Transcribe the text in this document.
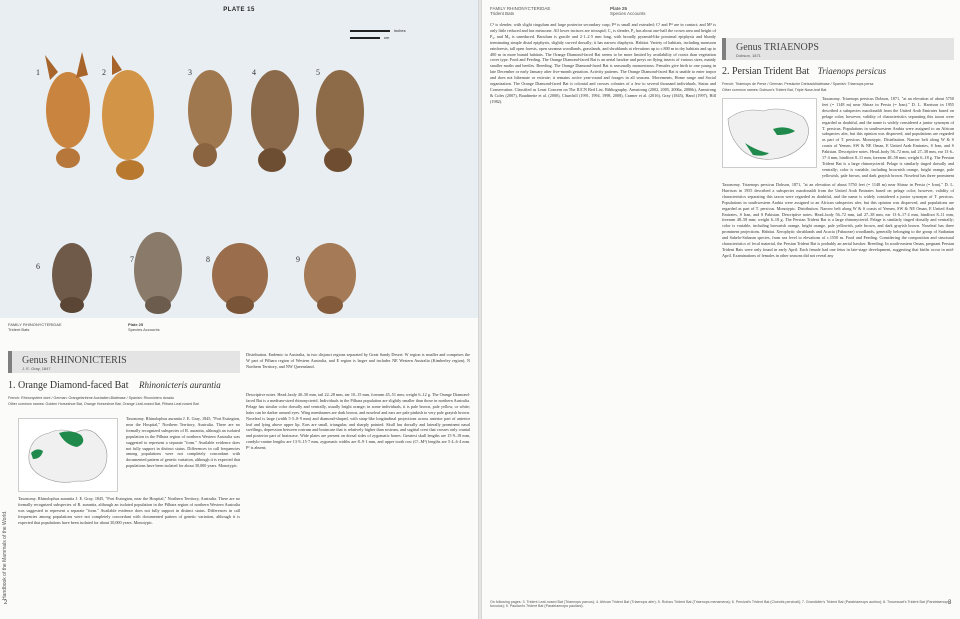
PLATE 15
inches
cm
1	2	3	4	5
6
7	8	9
FAMILY RHINONYCTERIDAE
Trident Bats
Plate 25
Species Accounts
Genus RHINONICTERIS
J. E. Gray, 1847
1. Orange Diamond-faced Bat Rhinonicteris aurantia
French: Rhinonyctère doré / German: Orangefarbene Australien-Blattnase / Spanish: Rinonictero dorado
Other common names: Golden Horseshoe Bat, Orange Horseshoe Bat, Orange Leaf-nosed Bat, Pilbara Leaf-nosed Bat
Taxonomy. Rhinolophus aurantia J. E. Gray, 1845, "Port Essington, near the Hospital," Northern Territory, Australia. There are no formally recognized subspecies of R. aurantia, although an isolated population in the Pilbara region of northern Western Australia was suggested to represent a separate "form." Available evidence does not fully support in distinct status. Differences in call frequencies among populations were not completely concordant with documented pattern of genetic variation, although it is expected that populations have been isolated for about 30,000 years. Monotypic.
Distribution. Endemic to Australia, in two disjunct regions separated by Great Sandy Desert: W region is smaller and comprises the W part of Pilbara region of Western Australia, and E region is larger and includes NE Western Australia (Kimberley region), N Northern Territory, and NW Queensland.
Descriptive notes. Head–body 40–50 mm, tail 22–28 mm, ear 10–15 mm, forearm 45–51 mm; weight 6–12 g. The Orange Diamond-faced Bat is a medium-sized rhinonycterid. Individuals in the Pilbara population are slightly smaller than those in northern Australia. Pelage has similar color dorsally and ventrally, usually bright orange; in some individuals, it is pale brown, pale yellow, or white; hairs can be darker around eyes. Wing membranes are dark brown, and noseleaf and ears are pale pinkish to very pale grayish brown. Noseleaf is large (width 5·5–8·9 mm) and diamond-shaped, with strap-like longitudinal projections across anterior part of anterior leaf and lying above upper lip. Ears are small, triangular, and sharply pointed. Skull has dorsally and laterally prominent nasal swellings, depression between rostrum and braincase that is relatively higher than rostrum, and sagittal crest that crosses only cranial and posterior part of braincase. Wide plates are present on dorsal sides of zygomatic bones. Greatest skull lengths are 15·9–18 mm, condylo-canine lengths are 13·9–15·7 mm, zygomatic widths are 8–9·1 mm, and upper tooth row (C¹–M³) lengths are 5·4–6·4 mm. P¹ is absent;
Taxonomy. Rhinolophus aurantia J. E. Gray, 1845, "Port Essington, near the Hospital," Northern Territory, Australia. There are no formally recognized subspecies of R. aurantia, although an isolated population in the Pilbara region of northern Western Australia was suggested to represent a separate "form." Available evidence does not fully support in distinct status. Differences in call frequencies among populations were not completely concordant with documented pattern of genetic variation, although it is expected that populations have been isolated for about 30,000 years. Monotypic.
Handbook of the Mammals of the World.
2
FAMILY RHINONYCTERIDAE
Trident Bats
Plate 25
Species Accounts
C¹ is slender, with slight cingulum and large posterior secondary cusp; P⁴ is small and extruded; C¹ and P⁴ are in contact; and M³ is only little reduced and has metacone. All lower incisors are tricuspid; C₁ is slender, P₂ has about one-half the crown area and height of P₄, and M₃ is unreduced. Baculum is gracile and 2·1–2·5 mm long, with broadly pyramid-like proximal epiphysis and bluntly terminating simple distal epiphysis, slightly curved dorsally; it has narrow diaphysis. Habitat. Variety of habitats, including monsoon rainforests, tall open forests, open savanna woodlands, grasslands, and shrublands at elevations up to c.800 m in dry habitats and up to 400 m in more humid habitats. The Orange Diamond-faced Bat seems to be more limited by availability of roosts than vegetation cover type. Food and Feeding. The Orange Diamond-faced Bat is an aerial hawker and preys on flying insects of various sizes, mainly smaller moths and beetles. Breeding. The Orange Diamond-faced Bat is seasonally monoestrous. Females give birth to one young in late December or early January after five-month gestation. Activity patterns. The Orange Diamond-faced Bat is unable to enter torpor and does not hibernate or estivate; it remains active year-round and forages in all seasons. Movements, Home range and Social organization. The Orange Diamond-faced Bat is colonial and crosses colonies of a few to several thousand individuals. Status and Conservation. Classified as Least Concern on The IUCN Red List. Bibliography. Armstrong (2002, 2005, 2006a, 2006b), Armstrong & Coles (2007), Baudinette et al. (2000), Churchill (1991, 1994, 1998, 2008), Cramer et al. (2016), Gray (1845), Hand (1997), Hill (1982).
Genus TRIAENOPS
Dobson, 1871
2. Persian Trident Bat Triaenops persicus
French: Triaenops de Perse / German: Persische Dreizackblattnase / Spanish: Triaenops persa
Other common names: Dobson's Trident Bat, Triple Nose-leaf Bat
Taxonomy. Triaenops persicus Dobson, 1871, "at an elevation of about 5750 feet (= 1148 m) near Shiraz in Persia (= Iran)." D. L. Harrison in 1955 described a subspecies macdonaldi from the United Arab Emirates based on pelage color; however, validity of characteristics separating this taxon were regarded as doubtful, and the name is widely considered a junior synonym of T. persicus. Populations in southwestern Arabia were assigned to an African subspecies afer, but this opinion was disproved, and populations are regarded as part of T. persicus. Monotypic. Distribution. Narrow belt along W & S coasts of Yemen, SW & NE Oman, E United Arab Emirates, S Iran, and S Pakistan. Descriptive notes. Head–body 56–72 mm, tail 27–38 mm, ear 13·6–17·4 mm, hindfoot 8–11 mm, forearm 48–58 mm; weight 6–18 g. The Persian Trident Bat is a large rhinonycterid. Pelage is similarly tinged dorsally and ventrally; color is variable, including brownish orange, bright orange, pale yellowish, pale brown, and dark grayish brown. Noseleaf has three prominent
Taxonomy. Triaenops persicus Dobson, 1871, "at an elevation of about 5750 feet (= 1148 m) near Shiraz in Persia (= Iran)." D. L. Harrison in 1955 described a subspecies macdonaldi from the United Arab Emirates based on pelage color; however, validity of characteristics separating this taxon were regarded as doubtful, and the name is widely considered a junior synonym of T. persicus. Populations in southwestern Arabia were assigned to an African subspecies afer, but this opinion was disproved, and populations are regarded as part of T. persicus. Monotypic. Distribution. Narrow belt along W & S coasts of Yemen, SW & NE Oman, E United Arab Emirates, S Iran, and S Pakistan. Descriptive notes. Head–body 56–72 mm, tail 27–38 mm, ear 13·6–17·4 mm, hindfoot 8–11 mm, forearm 48–58 mm; weight 6–18 g. The Persian Trident Bat is a large rhinonycterid. Pelage is similarly tinged dorsally and ventrally; color is variable, including brownish orange, bright orange, pale yellowish, pale brown, and dark grayish brown. Noseleaf has three prominent projections. Habitat. Xerophytic shrublands and Acacia (Fabaceae) woodlands, generally belonging to the group of Sudanian and Sahelo-Saharan species, from sea level to elevations of c.1550 m. Food and Feeding. Considering the composition and structural characteristics of fecal material, the Persian Trident Bat is probably an aerial hawker. Breeding. In south-eastern Oman, pregnant Persian Trident Bats were only found in early April. Each female had one fetus in late-stage development, suggesting that births occur in mid-April. Examinations of females in other seasons did not reveal any
On following pages: 3. Trident Leaf-nosed Bat (Triaenops parvus); 4. African Trident Bat (Triaenops afer); 5. Rufous Trident Bat (Triaenops menamena); 6. Percival's Trident Bat (Cloeotis percivali); 7. Grandidier's Trident Bat (Paratriaenops auritus); 8. Trouessart's Trident Bat (Paratriaenops furculus); 9. Pauliani's Trident Bat (Paratriaenops pauliani).
3
